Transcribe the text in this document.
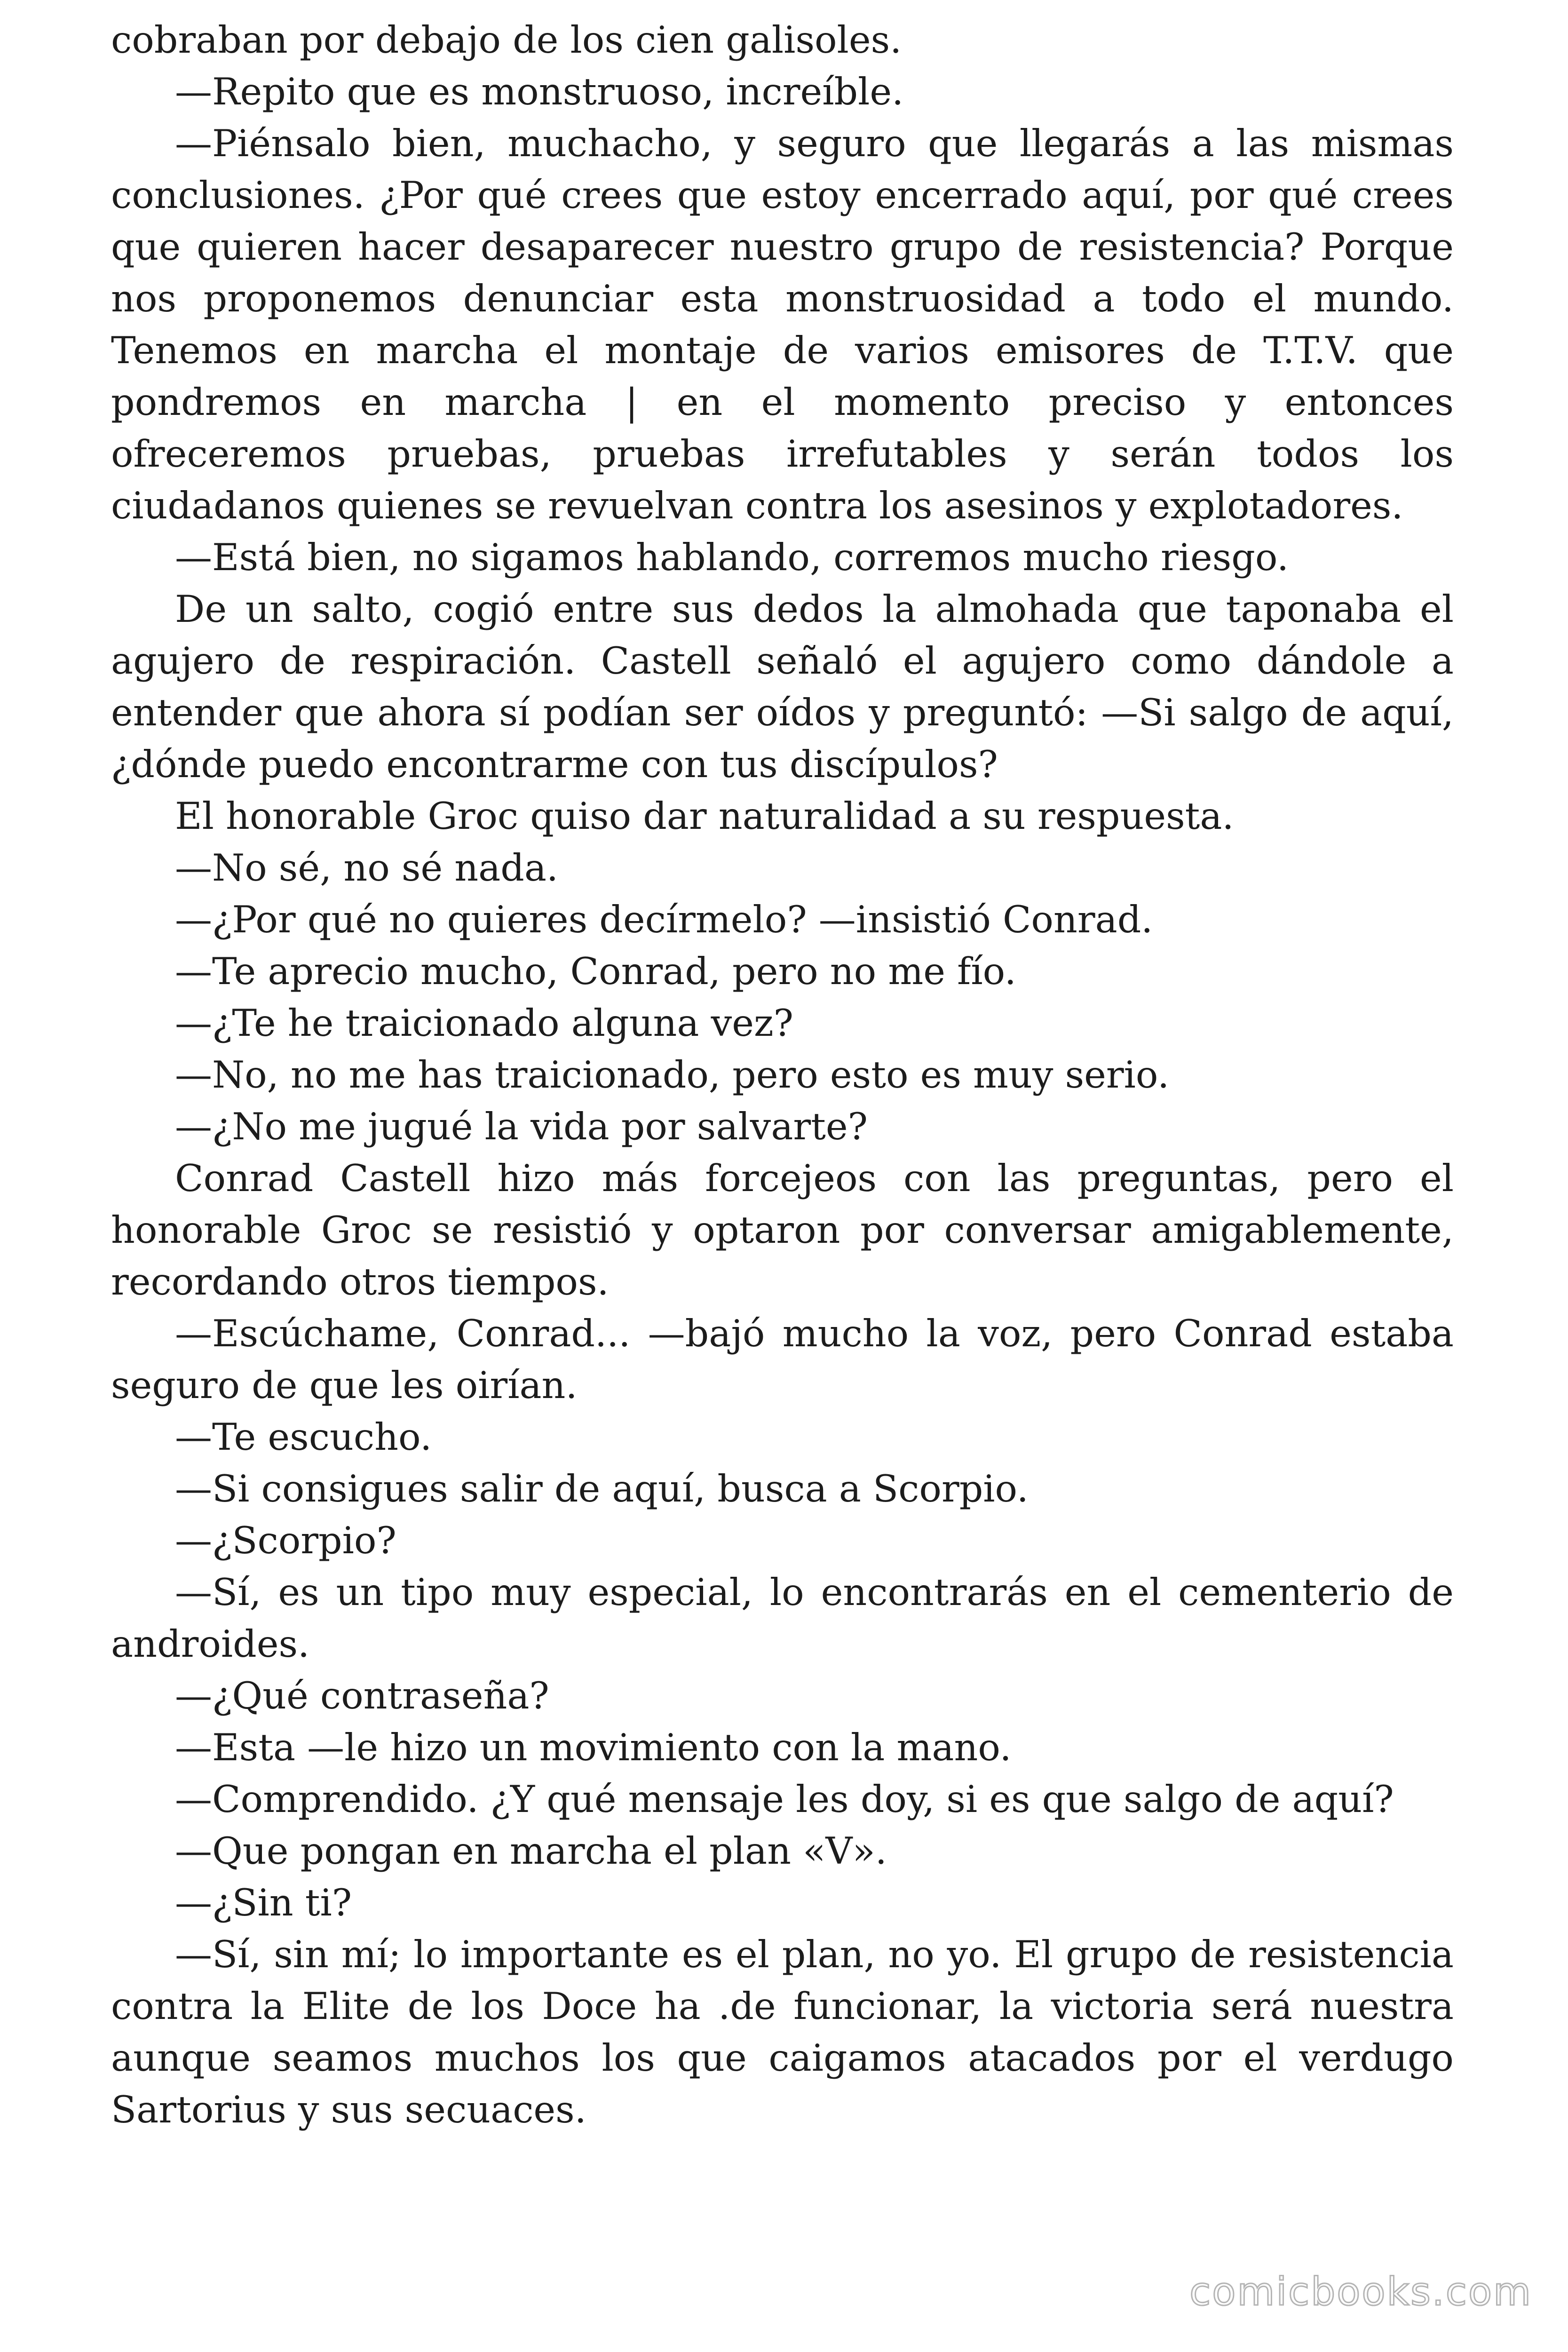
cobraban por debajo de los cien galisoles.

—Repito que es monstruoso, increíble.

—Piénsalo bien, muchacho, y seguro que llegarás a las mismas conclusiones. ¿Por qué crees que estoy encerrado aquí, por qué crees que quieren hacer desaparecer nuestro grupo de resistencia? Porque nos proponemos denunciar esta monstruosidad a todo el mundo. Tenemos en marcha el montaje de varios emisores de T.T.V. que pondremos en marcha | en el momento preciso y entonces ofreceremos pruebas, pruebas irrefutables y serán todos los ciudadanos quienes se revuelvan contra los asesinos y explotadores.

—Está bien, no sigamos hablando, corremos mucho riesgo.

De un salto, cogió entre sus dedos la almohada que taponaba el agujero de respiración. Castell señaló el agujero como dándole a entender que ahora sí podían ser oídos y preguntó: —Si salgo de aquí, ¿dónde puedo encontrarme con tus discípulos?

El honorable Groc quiso dar naturalidad a su respuesta.

—No sé, no sé nada.

—¿Por qué no quieres decírmelo? —insistió Conrad.

—Te aprecio mucho, Conrad, pero no me fío.

—¿Te he traicionado alguna vez?

—No, no me has traicionado, pero esto es muy serio.

—¿No me jugué la vida por salvarte?

Conrad Castell hizo más forcejeos con las preguntas, pero el honorable Groc se resistió y optaron por conversar amigablemente, recordando otros tiempos.

—Escúchame, Conrad... —bajó mucho la voz, pero Conrad estaba seguro de que les oirían.

—Te escucho.

—Si consigues salir de aquí, busca a Scorpio.

—¿Scorpio?

—Sí, es un tipo muy especial, lo encontrarás en el cementerio de androides.

—¿Qué contraseña?

—Esta —le hizo un movimiento con la mano.

—Comprendido. ¿Y qué mensaje les doy, si es que salgo de aquí?

—Que pongan en marcha el plan «V».

—¿Sin ti?

—Sí, sin mí; lo importante es el plan, no yo. El grupo de resistencia contra la Elite de los Doce ha .de funcionar, la victoria será nuestra aunque seamos muchos los que caigamos atacados por el verdugo Sartorius y sus secuaces.

comicbooks.com
